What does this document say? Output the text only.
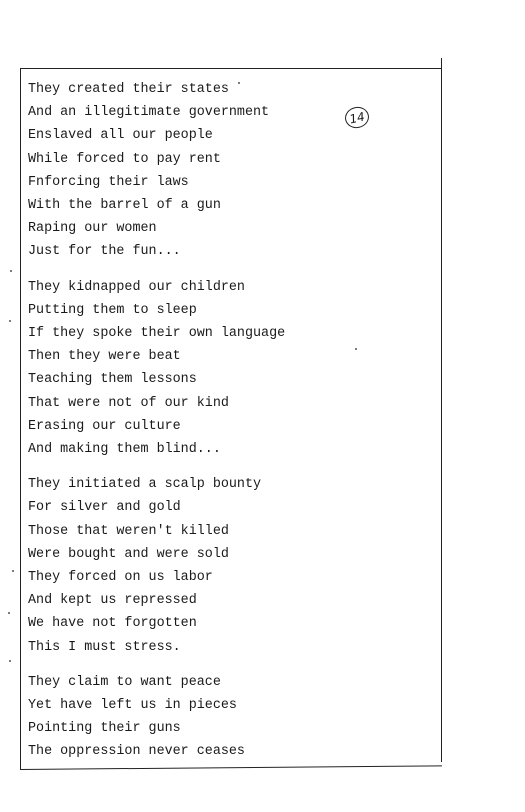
14
They created their states
And an illegitimate government
Enslaved all our people
While forced to pay rent
Fnforcing their laws
With the barrel of a gun
Raping our women
Just for the fun...
They kidnapped our children
Putting them to sleep
If they spoke their own language
Then they were beat
Teaching them lessons
That were not of our kind
Erasing our culture
And making them blind...
They initiated a scalp bounty
For silver and gold
Those that weren't killed
Were bought and were sold
They forced on us labor
And kept us repressed
We have not forgotten
This I must stress.
They claim to want peace
Yet have left us in pieces
Pointing their guns
The oppression never ceases
